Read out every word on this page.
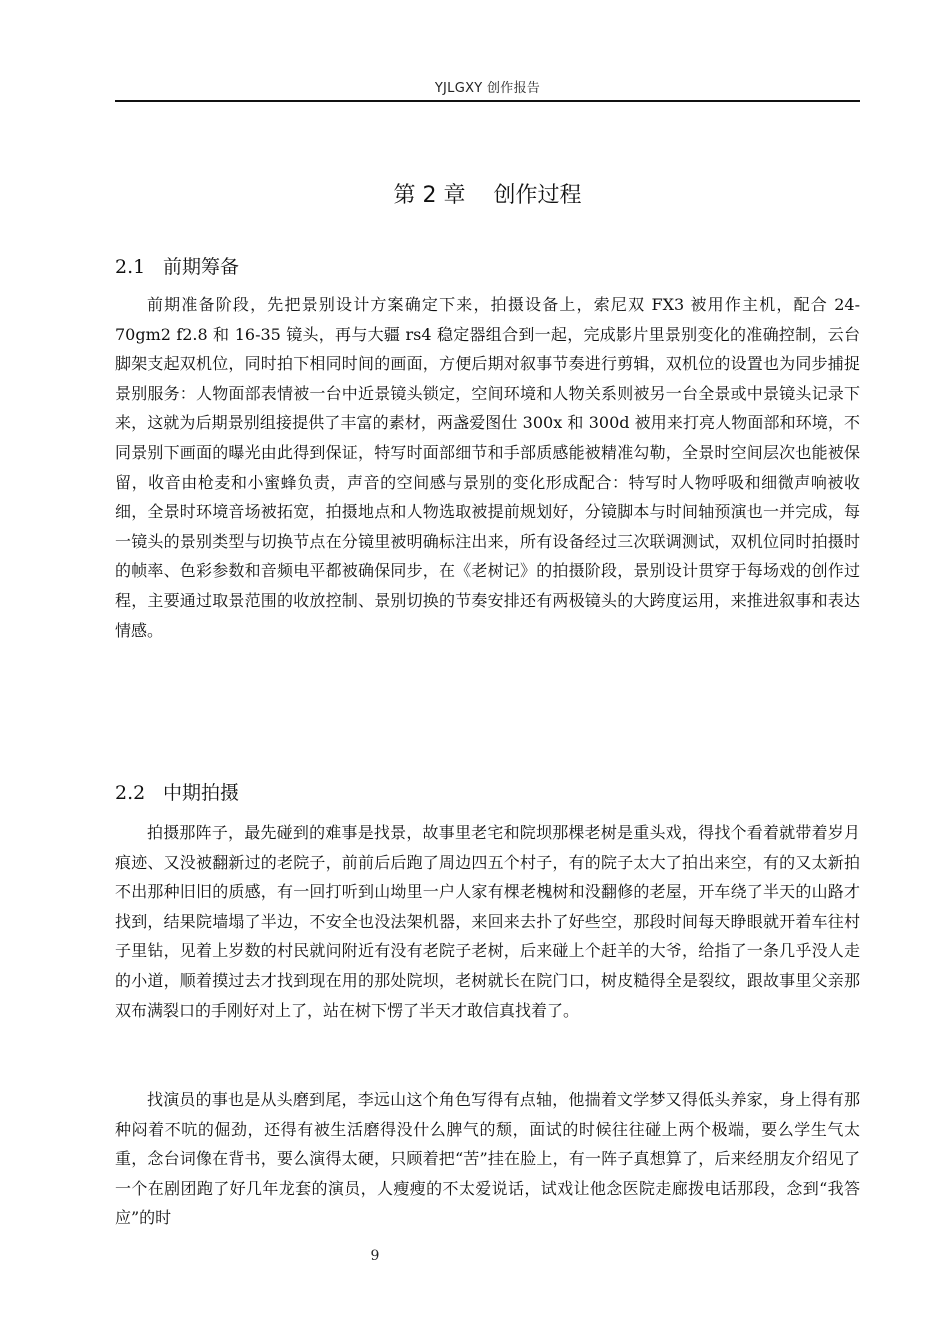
YJLGXY 创作报告
第 2 章    创作过程
2.1 前期筹备

前期准备阶段，先把景别设计方案确定下来，拍摄设备上，索尼双 FX3 被用作主机，配合 24-70gm2 f2.8 和 16-35 镜头，再与大疆 rs4 稳定器组合到一起，完成影片里景别变化的准确控制，云台脚架支起双机位，同时拍下相同时间的画面，方便后期对叙事节奏进行剪辑，双机位的设置也为同步捕捉景别服务：人物面部表情被一台中近景镜头锁定，空间环境和人物关系则被另一台全景或中景镜头记录下来，这就为后期景别组接提供了丰富的素材，两盏爱图仕 300x 和 300d 被用来打亮人物面部和环境，不同景别下画面的曝光由此得到保证，特写时面部细节和手部质感能被精准勾勒，全景时空间层次也能被保留，收音由枪麦和小蜜蜂负责，声音的空间感与景别的变化形成配合：特写时人物呼吸和细微声响被收细，全景时环境音场被拓宽，拍摄地点和人物选取被提前规划好，分镜脚本与时间轴预演也一并完成，每一镜头的景别类型与切换节点在分镜里被明确标注出来，所有设备经过三次联调测试，双机位同时拍摄时的帧率、色彩参数和音频电平都被确保同步，在《老树记》的拍摄阶段，景别设计贯穿于每场戏的创作过程，主要通过取景范围的收放控制、景别切换的节奏安排还有两极镜头的大跨度运用，来推进叙事和表达情感。

2.2 中期拍摄

拍摄那阵子，最先碰到的难事是找景，故事里老宅和院坝那棵老树是重头戏，得找个看着就带着岁月痕迹、又没被翻新过的老院子，前前后后跑了周边四五个村子，有的院子太大了拍出来空，有的又太新拍不出那种旧旧的质感，有一回打听到山坳里一户人家有棵老槐树和没翻修的老屋，开车绕了半天的山路才找到，结果院墙塌了半边，不安全也没法架机器，来回来去扑了好些空，那段时间每天睁眼就开着车往村子里钻，见着上岁数的村民就问附近有没有老院子老树，后来碰上个赶羊的大爷，给指了一条几乎没人走的小道，顺着摸过去才找到现在用的那处院坝，老树就长在院门口，树皮糙得全是裂纹，跟故事里父亲那双布满裂口的手刚好对上了，站在树下愣了半天才敢信真找着了。

找演员的事也是从头磨到尾，李远山这个角色写得有点轴，他揣着文学梦又得低头养家，身上得有那种闷着不吭的倔劲，还得有被生活磨得没什么脾气的颓，面试的时候往往碰上两个极端，要么学生气太重，念台词像在背书，要么演得太硬，只顾着把“苦”挂在脸上，有一阵子真想算了，后来经朋友介绍见了一个在剧团跑了好几年龙套的演员，人瘦瘦的不太爱说话，试戏让他念医院走廊拨电话那段，念到“我答应”的时

9
